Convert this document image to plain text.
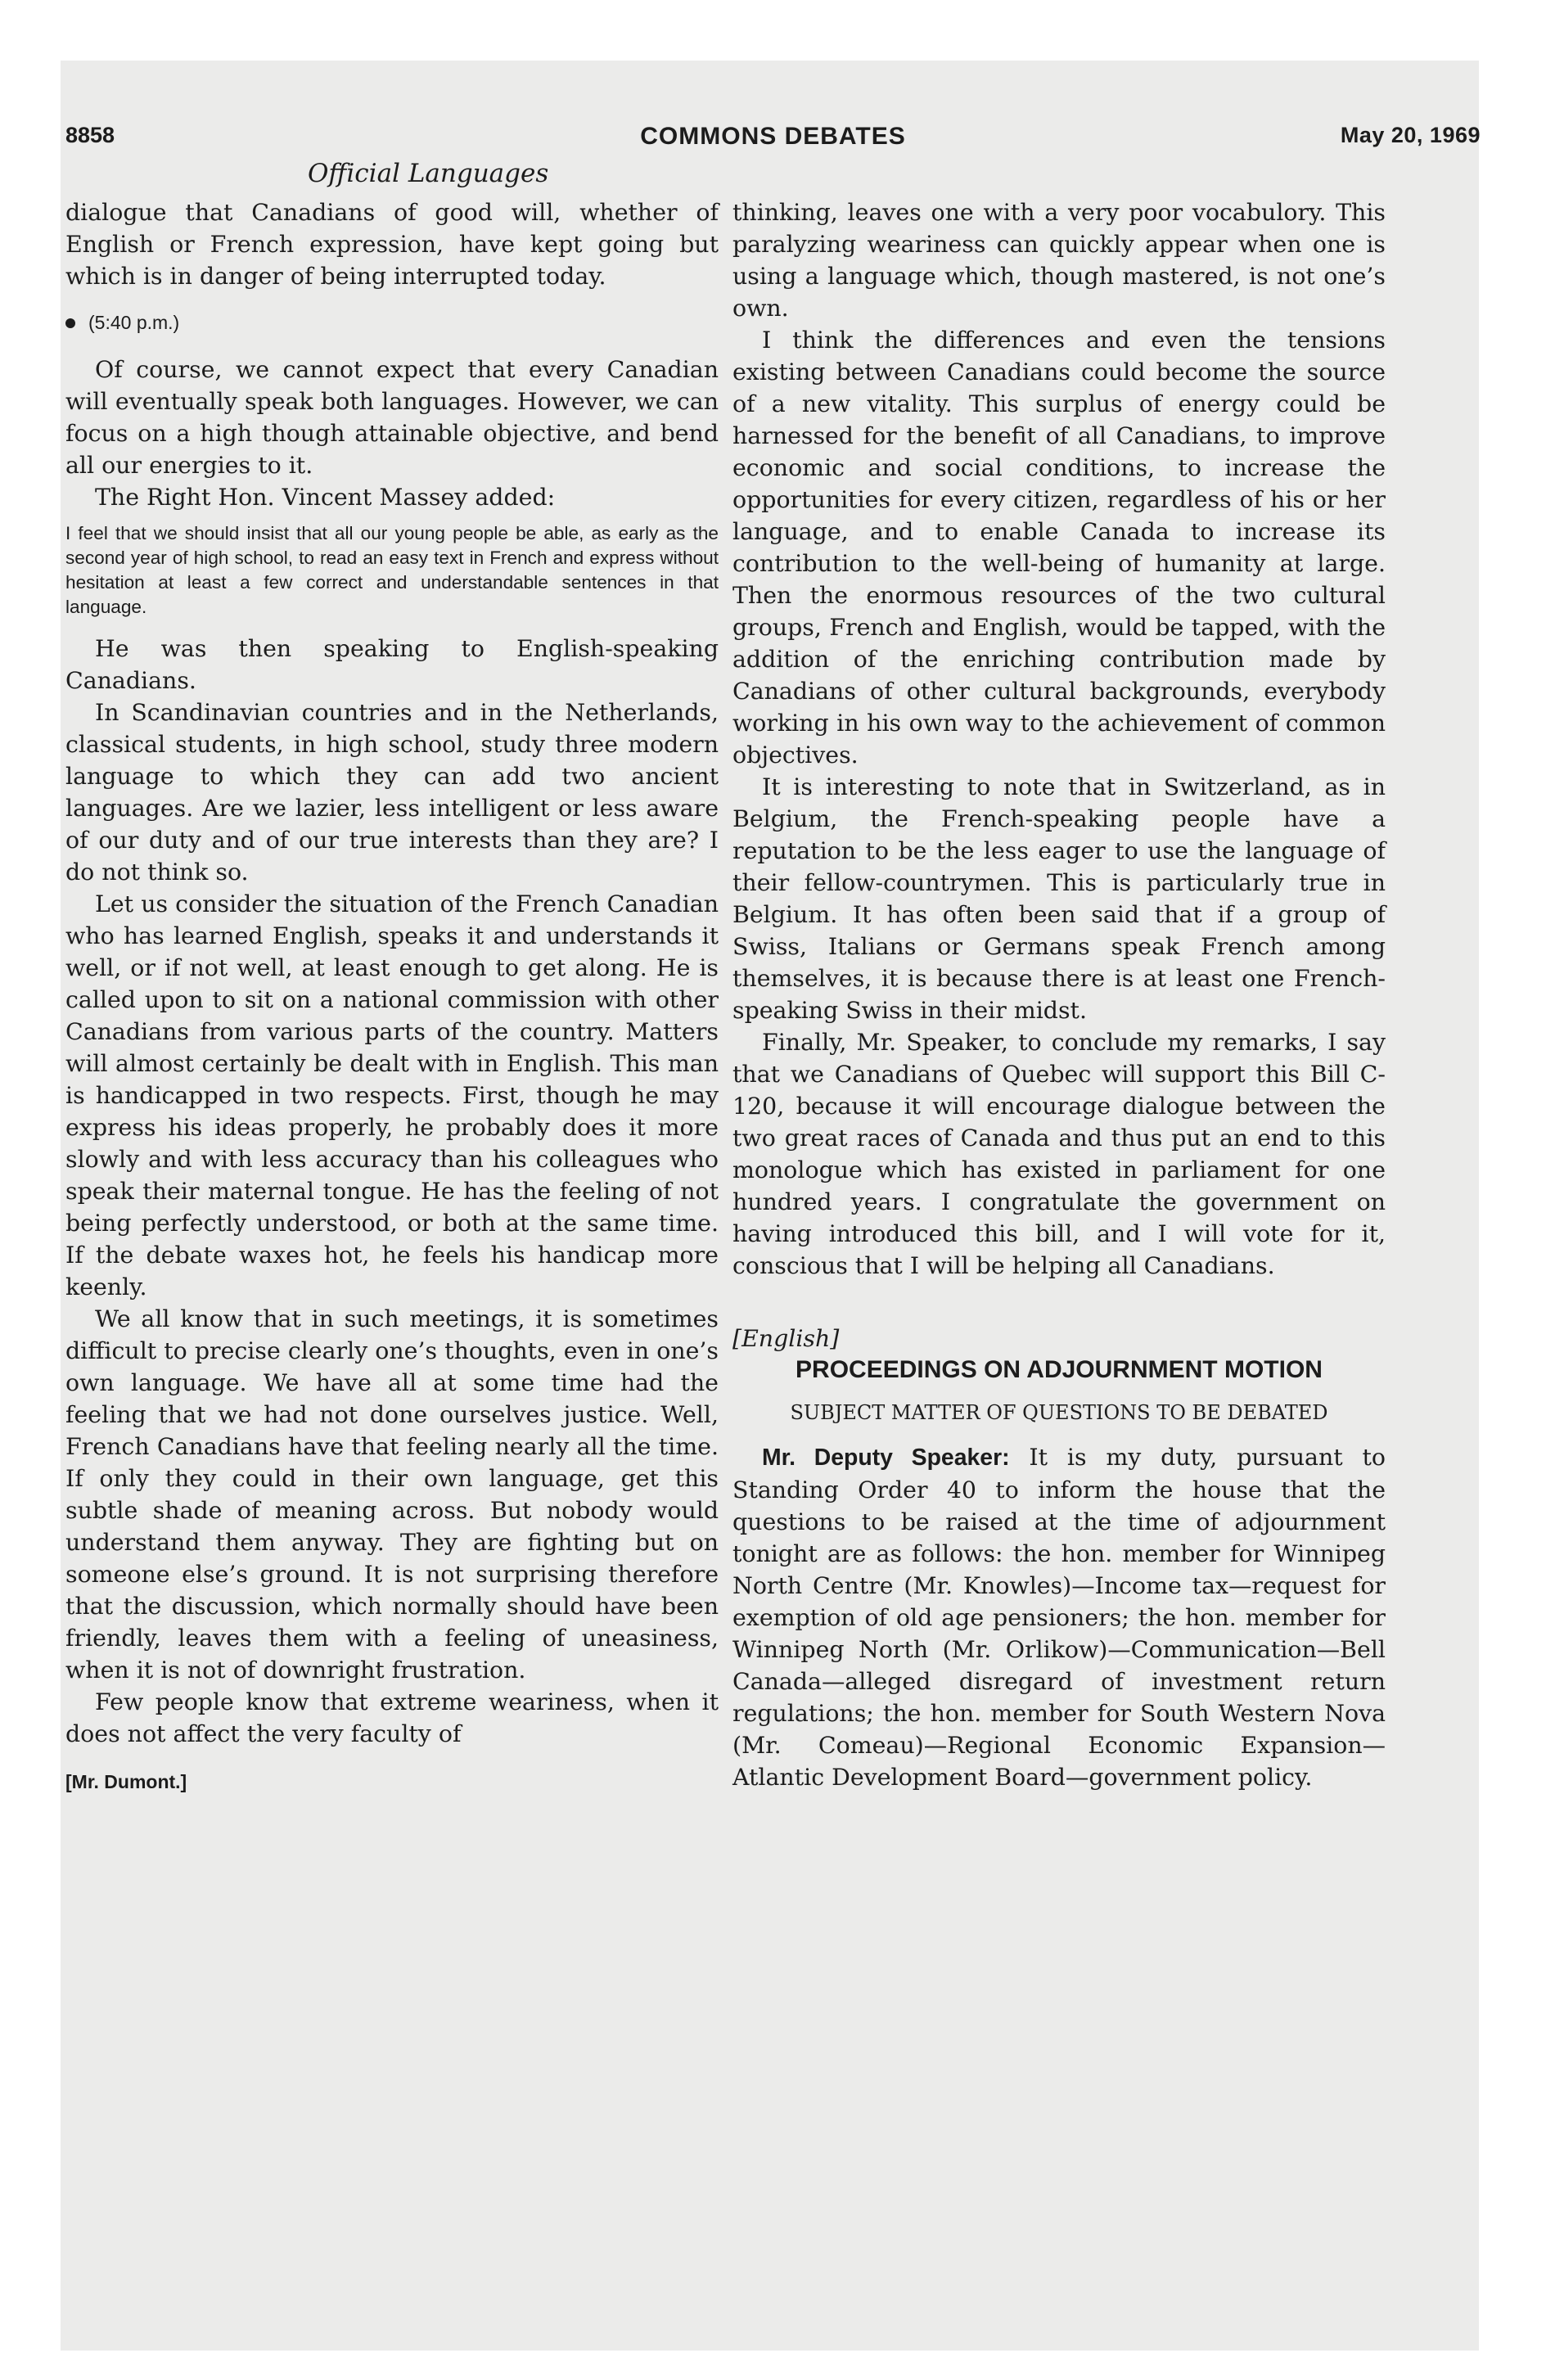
8858	COMMONS DEBATES	May 20, 1969
Official Languages

dialogue that Canadians of good will, whether of English or French expression, have kept going but which is in danger of being interrupted today.

(5:40 p.m.)

Of course, we cannot expect that every Canadian will eventually speak both languages. However, we can focus on a high though attainable objective, and bend all our energies to it.

The Right Hon. Vincent Massey added:

I feel that we should insist that all our young people be able, as early as the second year of high school, to read an easy text in French and express without hesitation at least a few correct and understandable sentences in that language.

He was then speaking to English-speaking Canadians.

In Scandinavian countries and in the Netherlands, classical students, in high school, study three modern language to which they can add two ancient languages. Are we lazier, less intelligent or less aware of our duty and of our true interests than they are? I do not think so.

Let us consider the situation of the French Canadian who has learned English, speaks it and understands it well, or if not well, at least enough to get along. He is called upon to sit on a national commission with other Canadians from various parts of the country. Matters will almost certainly be dealt with in English. This man is handicapped in two respects. First, though he may express his ideas properly, he probably does it more slowly and with less accuracy than his colleagues who speak their maternal tongue. He has the feeling of not being perfectly understood, or both at the same time. If the debate waxes hot, he feels his handicap more keenly.

We all know that in such meetings, it is sometimes difficult to precise clearly one’s thoughts, even in one’s own language. We have all at some time had the feeling that we had not done ourselves justice. Well, French Canadians have that feeling nearly all the time. If only they could in their own language, get this subtle shade of meaning across. But nobody would understand them anyway. They are fighting but on someone else’s ground. It is not surprising therefore that the discussion, which normally should have been friendly, leaves them with a feeling of uneasiness, when it is not of downright frustration.

Few people know that extreme weariness, when it does not affect the very faculty of

[Mr. Dumont.]

thinking, leaves one with a very poor vocabulory. This paralyzing weariness can quickly appear when one is using a language which, though mastered, is not one’s own.

I think the differences and even the tensions existing between Canadians could become the source of a new vitality. This surplus of energy could be harnessed for the benefit of all Canadians, to improve economic and social conditions, to increase the opportunities for every citizen, regardless of his or her language, and to enable Canada to increase its contribution to the well-being of humanity at large. Then the enormous resources of the two cultural groups, French and English, would be tapped, with the addition of the enriching contribution made by Canadians of other cultural backgrounds, everybody working in his own way to the achievement of common objectives.

It is interesting to note that in Switzerland, as in Belgium, the French-speaking people have a reputation to be the less eager to use the language of their fellow-countrymen. This is particularly true in Belgium. It has often been said that if a group of Swiss, Italians or Germans speak French among themselves, it is because there is at least one French-speaking Swiss in their midst.

Finally, Mr. Speaker, to conclude my remarks, I say that we Canadians of Quebec will support this Bill C-120, because it will encourage dialogue between the two great races of Canada and thus put an end to this monologue which has existed in parliament for one hundred years. I congratulate the government on having introduced this bill, and I will vote for it, conscious that I will be helping all Canadians.

[English]

PROCEEDINGS ON ADJOURNMENT MOTION

SUBJECT MATTER OF QUESTIONS TO BE DEBATED

Mr. Deputy Speaker: It is my duty, pursuant to Standing Order 40 to inform the house that the questions to be raised at the time of adjournment tonight are as follows: the hon. member for Winnipeg North Centre (Mr. Knowles)—Income tax—request for exemption of old age pensioners; the hon. member for Winnipeg North (Mr. Orlikow)—Communication—Bell Canada—alleged disregard of investment return regulations; the hon. member for South Western Nova (Mr. Comeau)—Regional Economic Expansion—Atlantic Development Board—government policy.
